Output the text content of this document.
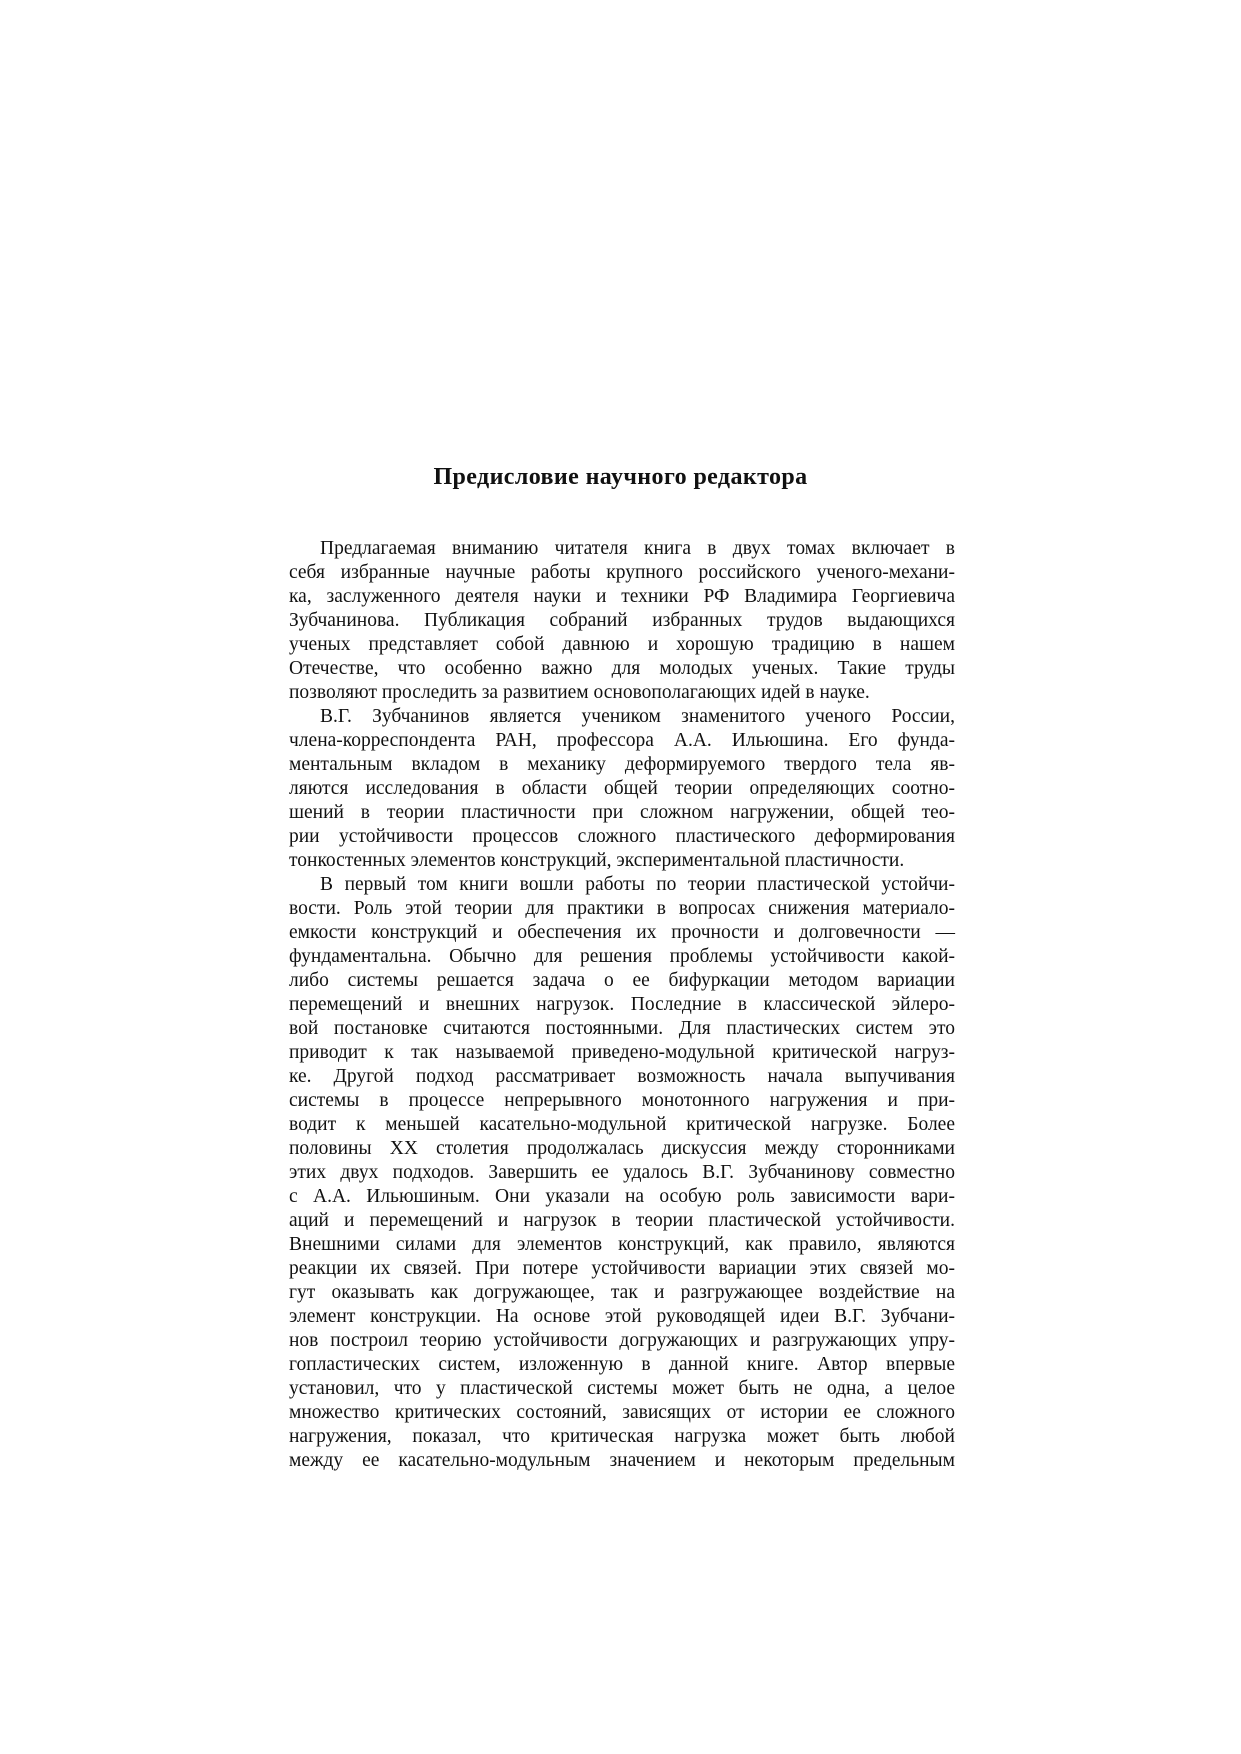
Предисловие научного редактора
Предлагаемая вниманию читателя книга в двух томах включает в
себя избранные научные работы крупного российского ученого-механи-
ка, заслуженного деятеля науки и техники РФ Владимира Георгиевича
Зубчанинова. Публикация собраний избранных трудов выдающихся
ученых представляет собой давнюю и хорошую традицию в нашем
Отечестве, что особенно важно для молодых ученых. Такие труды
позволяют проследить за развитием основополагающих идей в науке.
В.Г. Зубчанинов является учеником знаменитого ученого России,
члена-корреспондента РАН, профессора А.А. Ильюшина. Его фунда-
ментальным вкладом в механику деформируемого твердого тела яв-
ляются исследования в области общей теории определяющих соотно-
шений в теории пластичности при сложном нагружении, общей тео-
рии устойчивости процессов сложного пластического деформирования
тонкостенных элементов конструкций, экспериментальной пластичности.
В первый том книги вошли работы по теории пластической устойчи-
вости. Роль этой теории для практики в вопросах снижения материало-
емкости конструкций и обеспечения их прочности и долговечности —
фундаментальна. Обычно для решения проблемы устойчивости какой-
либо системы решается задача о ее бифуркации методом вариации
перемещений и внешних нагрузок. Последние в классической эйлеро-
вой постановке считаются постоянными. Для пластических систем это
приводит к так называемой приведено-модульной критической нагруз-
ке. Другой подход рассматривает возможность начала выпучивания
системы в процессе непрерывного монотонного нагружения и при-
водит к меньшей касательно-модульной критической нагрузке. Более
половины XX столетия продолжалась дискуссия между сторонниками
этих двух подходов. Завершить ее удалось В.Г. Зубчанинову совместно
с А.А. Ильюшиным. Они указали на особую роль зависимости вари-
аций и перемещений и нагрузок в теории пластической устойчивости.
Внешними силами для элементов конструкций, как правило, являются
реакции их связей. При потере устойчивости вариации этих связей мо-
гут оказывать как догружающее, так и разгружающее воздействие на
элемент конструкции. На основе этой руководящей идеи В.Г. Зубчани-
нов построил теорию устойчивости догружающих и разгружающих упру-
гопластических систем, изложенную в данной книге. Автор впервые
установил, что у пластической системы может быть не одна, а целое
множество критических состояний, зависящих от истории ее сложного
нагружения, показал, что критическая нагрузка может быть любой
между ее касательно-модульным значением и некоторым предельным
